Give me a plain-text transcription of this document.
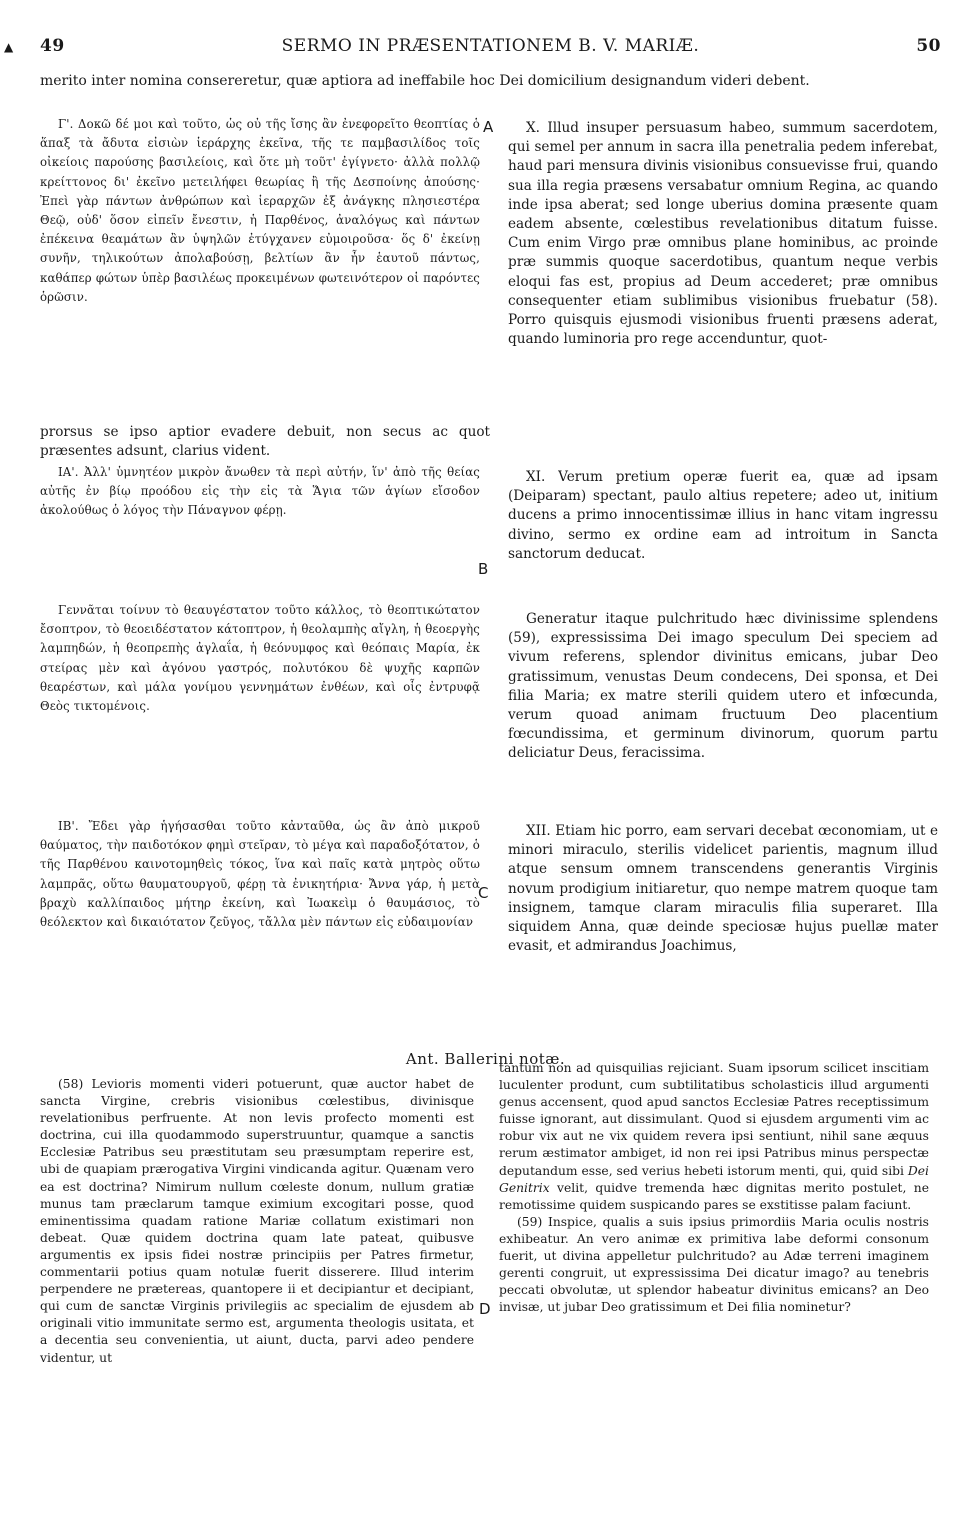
▲ 49	SERMO IN PRÆSENTATIONEM B. V. MARIÆ.	50
merito inter nomina consereretur, quæ aptiora ad ineffabile hoc Dei domicilium designandum videri debent.

Γ'. Δοκῶ δέ μοι καὶ τοῦτο, ὡς οὐ τῆς ἴσης ἂν ἐνεφορεῖτο θεοπτίας ὁ ἅπαξ τὰ ἄδυτα εἰσιὼν ἱεράρχης ἐκεῖνα, τῆς τε παμβασιλίδος τοῖς οἰκείοις παρούσης βασιλείοις, καὶ ὅτε μὴ τοῦτ' ἐγίγνετο· ἀλλὰ πολλῷ κρείττονος δι' ἐκεῖνο μετειλήφει θεωρίας ἢ τῆς Δεσποίνης ἀπούσης· Ἐπεὶ γὰρ πάντων ἀνθρώπων καὶ ἱεραρχῶν ἐξ ἀνάγκης πλησιεστέρα Θεῷ, οὐδ' ὅσον εἰπεῖν ἔνεστιν, ἡ Παρθένος, ἀναλόγως καὶ πάντων ἐπέκεινα θεαμάτων ἂν ὑψηλῶν ἐτύγχανεν εὐμοιροῦσα· ὅς δ' ἐκείνῃ συνῆν, τηλικούτων ἀπολαβούσῃ, βελτίων ἂν ἦν ἑαυτοῦ πάντως, καθάπερ φώτων ὑπὲρ βασιλέως προκειμένων φωτεινότερον οἱ παρόντες ὁρῶσιν.

prorsus se ipso aptior evadere debuit, non secus ac quot præsentes adsunt, clarius vident.

ΙΑ'. Ἀλλ' ὑμνητέον μικρὸν ἄνωθεν τὰ περὶ αὐτήν, ἵν' ἀπὸ τῆς θείας αὐτῆς ἐν βίῳ προόδου εἰς τὴν εἰς τὰ Ἅγια τῶν ἁγίων εἴσοδον ἀκολούθως ὁ λόγος τὴν Πάναγνον φέρῃ.

Γεννᾶται τοίνυν τὸ θεαυγέστατον τοῦτο κάλλος, τὸ θεοπτικώτατον ἔσοπτρον, τὸ θεοειδέστατον κάτοπτρον, ἡ θεολαμπὴς αἴγλη, ἡ θεοεργὴς λαμπηδών, ἡ θεοπρεπὴς ἀγλαΐα, ἡ θεόνυμφος καὶ θεόπαις Μαρία, ἐκ στείρας μὲν καὶ ἀγόνου γαστρός, πολυτόκου δὲ ψυχῆς καρπῶν θεαρέστων, καὶ μάλα γονίμου γεννημάτων ἐνθέων, καὶ οἷς ἐντρυφᾷ Θεὸς τικτομένοις.

ΙΒ'. Ἔδει γὰρ ἡγήσασθαι τοῦτο κἀνταῦθα, ὡς ἂν ἀπὸ μικροῦ θαύματος, τὴν παιδοτόκον φημὶ στεῖραν, τὸ μέγα καὶ παραδοξότατον, ὁ τῆς Παρθένου καινοτομηθεὶς τόκος, ἵνα καὶ παῖς κατὰ μητρὸς οὕτω λαμπρᾶς, οὕτω θαυματουργοῦ, φέρῃ τὰ ἐνικητήρια· Ἄννα γάρ, ἡ μετὰ βραχὺ καλλίπαιδος μήτηρ ἐκείνη, καὶ Ἰωακεὶμ ὁ θαυμάσιος, τὸ θεόλεκτον καὶ δικαιότατον ζεῦγος, τἄλλα μὲν πάντων εἰς εὐδαιμονίαν

A
B
C
D

X. Illud insuper persuasum habeo, summum sacerdotem, qui semel per annum in sacra illa penetralia pedem inferebat, haud pari mensura divinis visionibus consuevisse frui, quando sua illa regia præsens versabatur omnium Regina, ac quando inde ipsa aberat; sed longe uberius domina præsente quam eadem absente, cœlestibus revelationibus ditatum fuisse. Cum enim Virgo præ omnibus plane hominibus, ac proinde præ summis quoque sacerdotibus, quantum neque verbis eloqui fas est, propius ad Deum accederet; præ omnibus consequenter etiam sublimibus visionibus fruebatur (58). Porro quisquis ejusmodi visionibus fruenti præsens aderat, quando luminoria pro rege accenduntur, quot-

XI. Verum pretium operæ fuerit ea, quæ ad ipsam (Deiparam) spectant, paulo altius repetere; adeo ut, initium ducens a primo innocentissimæ illius in hanc vitam ingressu divino, sermo ex ordine eam ad introitum in Sancta sanctorum deducat.

Generatur itaque pulchritudo hæc divinissime splendens (59), expressissima Dei imago speculum Dei speciem ad vivum referens, splendor divinitus emicans, jubar Deo gratissimum, venustas Deum condecens, Dei sponsa, et Dei filia Maria; ex matre sterili quidem utero et infœcunda, verum quoad animam fructuum Deo placentium fœcundissima, et germinum divinorum, quorum partu deliciatur Deus, feracissima.

XII. Etiam hic porro, eam servari decebat œconomiam, ut e minori miraculo, sterilis videlicet parientis, magnum illud atque sensum omnem transcendens generantis Virginis novum prodigium initiaretur, quo nempe matrem quoque tam insignem, tamque claram miraculis filia superaret. Illa siquidem Anna, quæ deinde speciosæ hujus puellæ mater evasit, et admirandus Joachimus,

Ant. Ballerini notæ.

(58) Levioris momenti videri potuerunt, quæ auctor habet de sancta Virgine, crebris visionibus cœlestibus, divinisque revelationibus perfruente. At non levis profecto momenti est doctrina, cui illa quodammodo superstruuntur, quamque a sanctis Ecclesiæ Patribus seu præstitutam seu præsumptam reperire est, ubi de quapiam prærogativa Virgini vindicanda agitur. Quænam vero ea est doctrina? Nimirum nullum cœleste donum, nullum gratiæ munus tam præclarum tamque eximium excogitari posse, quod eminentissima quadam ratione Mariæ collatum existimari non debeat. Quæ quidem doctrina quam late pateat, quibusve argumentis ex ipsis fidei nostræ principiis per Patres firmetur, commentarii potius quam notulæ fuerit disserere. Illud interim perpendere ne prætereas, quantopere ii et decipiantur et decipiant, qui cum de sanctæ Virginis privilegiis ac specialim de ejusdem ab originali vitio immunitate sermo est, argumenta theologis usitata, et a decentia seu convenientia, ut aiunt, ducta, parvi adeo pendere videntur, ut

tantum non ad quisquilias rejiciant. Suam ipsorum scilicet inscitiam luculenter produnt, cum subtilitatibus scholasticis illud argumenti genus accensent, quod apud sanctos Ecclesiæ Patres receptissimum fuisse ignorant, aut dissimulant. Quod si ejusdem argumenti vim ac robur vix aut ne vix quidem revera ipsi sentiunt, nihil sane æquus rerum æstimator ambiget, id non rei ipsi Patribus minus perspectæ deputandum esse, sed verius hebeti istorum menti, qui, quid sibi Dei Genitrix velit, quidve tremenda hæc dignitas merito postulet, ne remotissime quidem suspicando pares se exstitisse palam faciunt.

(59) Inspice, qualis a suis ipsius primordiis Maria oculis nostris exhibeatur. An vero animæ ex primitiva labe deformi consonum fuerit, ut divina appelletur pulchritudo? au Adæ terreni imaginem gerenti congruit, ut expressissima Dei dicatur imago? au tenebris peccati obvolutæ, ut splendor habeatur divinitus emicans? an Deo invisæ, ut jubar Deo gratissimum et Dei filia nominetur?
